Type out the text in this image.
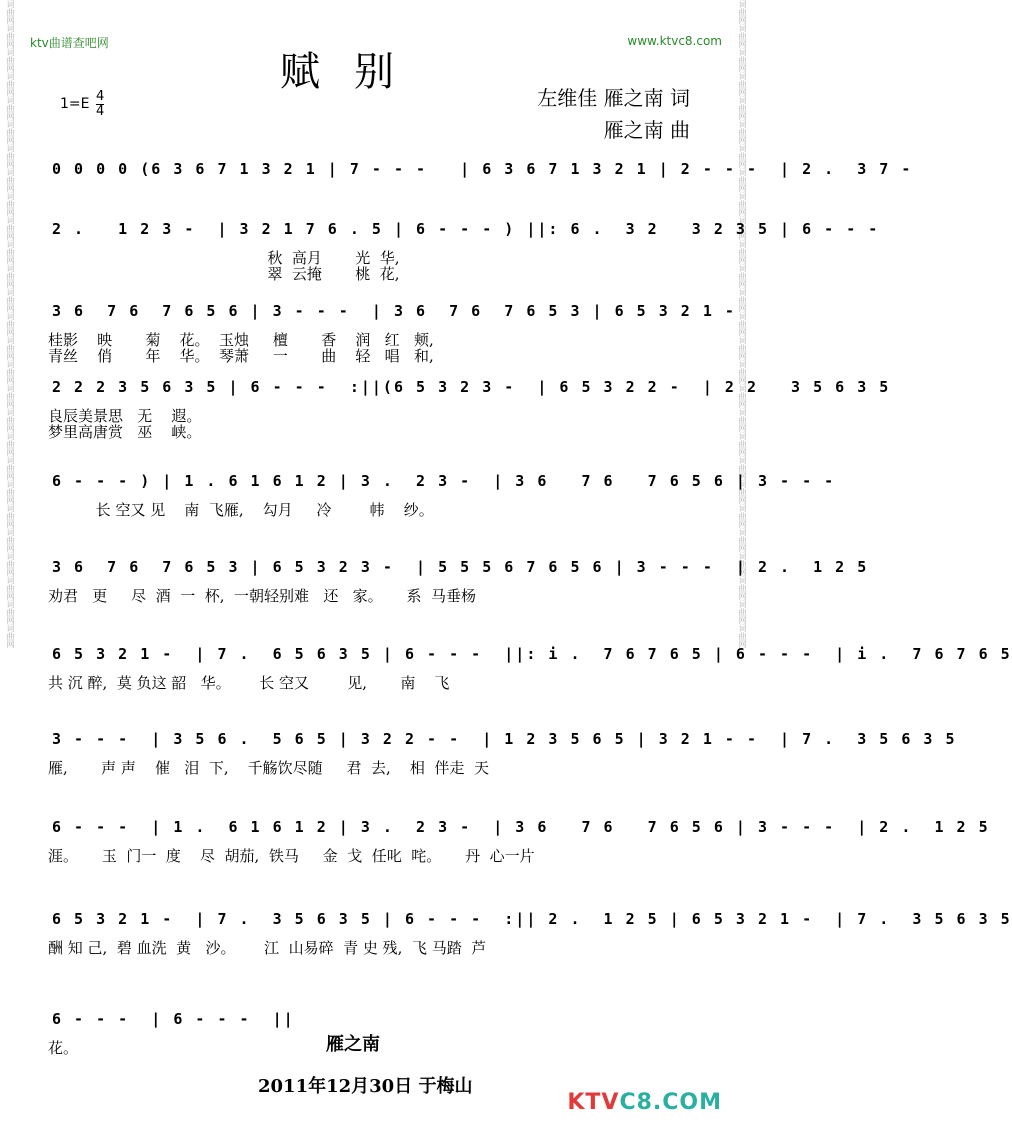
词曲网词曲网词曲网词曲网词曲网词曲网词曲网词曲网词曲网词曲网词曲网词曲网词曲网词曲网词曲网词曲网词曲网词曲网词曲网词曲网词曲网词曲网词曲网词曲网词曲网词曲网词曲网	词曲网词曲网词曲网词曲网词曲网词曲网词曲网词曲网词曲网词曲网词曲网词曲网词曲网词曲网词曲网词曲网词曲网词曲网词曲网词曲网词曲网词曲网词曲网词曲网词曲网词曲网词曲网
ktv曲谱查吧网	www.ktvc8.com
赋别
左维佳 雁之南 词
雁之南 曲
$1=E \frac{4}{4}$
0 0 0 0 (6 3 6 7 1 3 2 1 | 7 - - -   | 6 3 6 7 1 3 2 1 | 2 - - -  | 2 .  3 7 -
2 .   1 2 3 -  | 3 2 1 7 6 . 5 | 6 - - - ) ||: 6 .  3 2   3 2 3 5 | 6 - - -
秋  高月       光  华,
翠  云掩       桃  花,
3 6  7 6  7 6 5 6 | 3 - - -  | 3 6  7 6  7 6 5 3 | 6 5 3 2 1 -
桂影    映       菊    花。  玉烛     檀       香    润   红   颊,
青丝    俏       年    华。  琴萧     一       曲    轻   唱   和,
2 2 2 3 5 6 3 5 | 6 - - -  :||(6 5 3 2 3 -  | 6 5 3 2 2 -  | 2 2   3 5 6 3 5
良辰美景思   无    遐。
梦里高唐赏   巫    峡。
6 - - - ) | 1 . 6 1 6 1 2 | 3 .  2 3 -  | 3 6   7 6   7 6 5 6 | 3 - - -
长 空又 见    南  飞雁,    勾月     冷        帏    纱。
3 6  7 6  7 6 5 3 | 6 5 3 2 3 -  | 5 5 5 6 7 6 5 6 | 3 - - -  | 2 .  1 2 5
劝君   更     尽  酒  一  杯,  一朝轻别难   还   家。     系  马垂杨
6 5 3 2 1 -  | 7 .  6 5 6 3 5 | 6 - - -  ||: i .  7 6 7 6 5 | 6 - - -  | i .  7 6 7 6 5
共 沉 醉,  莫 负这 韶   华。      长 空又        见,       南    飞
3 - - -  | 3 5 6 .  5 6 5 | 3 2 2 - -  | 1 2 3 5 6 5 | 3 2 1 - -  | 7 .  3 5 6 3 5
雁,       声 声    催   泪  下,    千觞饮尽随     君  去,    相  伴走  天
6 - - -  | 1 .  6 1 6 1 2 | 3 .  2 3 -  | 3 6   7 6   7 6 5 6 | 3 - - -  | 2 .  1 2 5
涯。     玉  门一  度    尽  胡茄,  铁马     金  戈  任叱  咤。     丹  心一片
6 5 3 2 1 -  | 7 .  3 5 6 3 5 | 6 - - -  :|| 2 .  1 2 5 | 6 5 3 2 1 -  | 7 .  3 5 6 3 5
酬 知 己,  碧 血洗  黄   沙。      江  山易碎  青 史 残,  飞 马踏  芦
6 - - -  | 6 - - -  ||
花。	雁之南
2011年12月30日 于梅山
KTVC8.COM
